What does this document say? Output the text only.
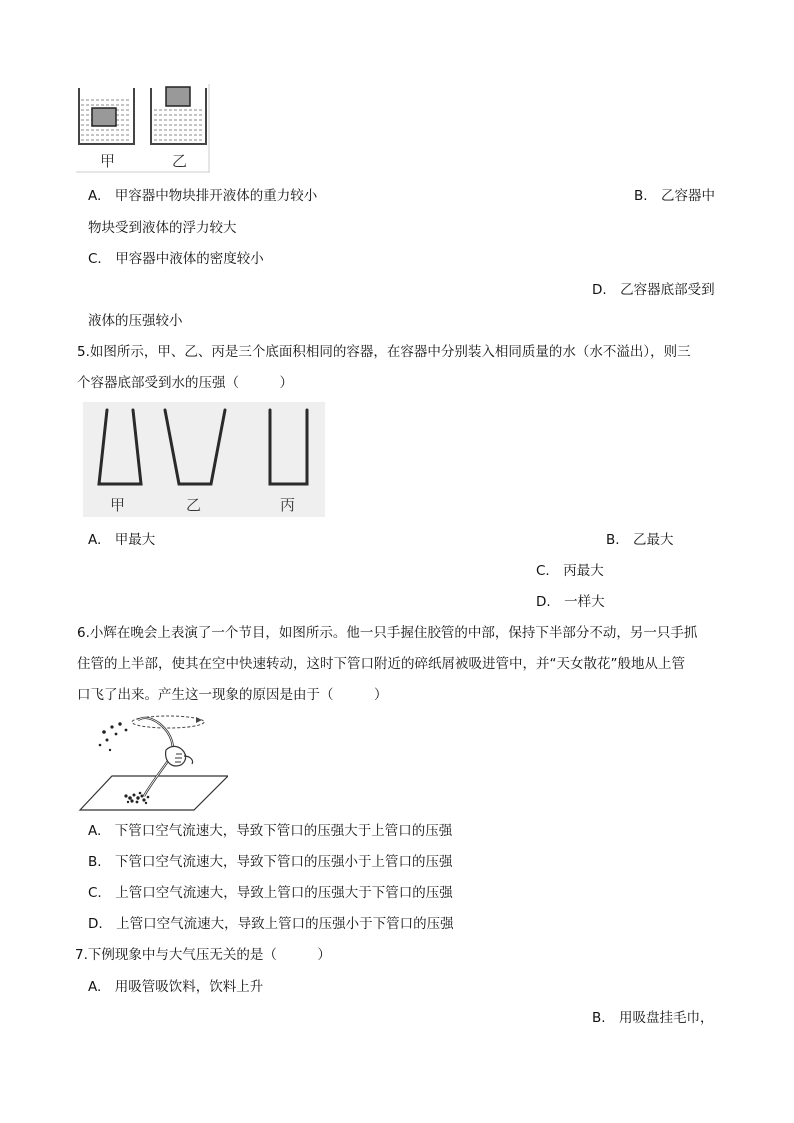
甲	乙
A.　甲容器中物块排开液体的重力较小	B.　乙容器中
物块受到液体的浮力较大
C.　甲容器中液体的密度较小
D.　乙容器底部受到
液体的压强较小
5.如图所示，甲、乙、丙是三个底面积相同的容器，在容器中分别装入相同质量的水（水不溢出），则三
个容器底部受到水的压强（　　　）
甲	乙	丙
A.　甲最大	B.　乙最大
C.　丙最大
D.　一样大
6.小辉在晚会上表演了一个节目，如图所示。他一只手握住胶管的中部，保持下半部分不动，另一只手抓
住管的上半部，使其在空中快速转动，这时下管口附近的碎纸屑被吸进管中，并“天女散花”般地从上管
口飞了出来。产生这一现象的原因是由于（　　　）
A.　下管口空气流速大，导致下管口的压强大于上管口的压强
B.　下管口空气流速大，导致下管口的压强小于上管口的压强
C.　上管口空气流速大，导致上管口的压强大于下管口的压强
D.　上管口空气流速大，导致上管口的压强小于下管口的压强
7.下例现象中与大气压无关的是（　　　）
A.　用吸管吸饮料，饮料上升
B.　用吸盘挂毛巾，
